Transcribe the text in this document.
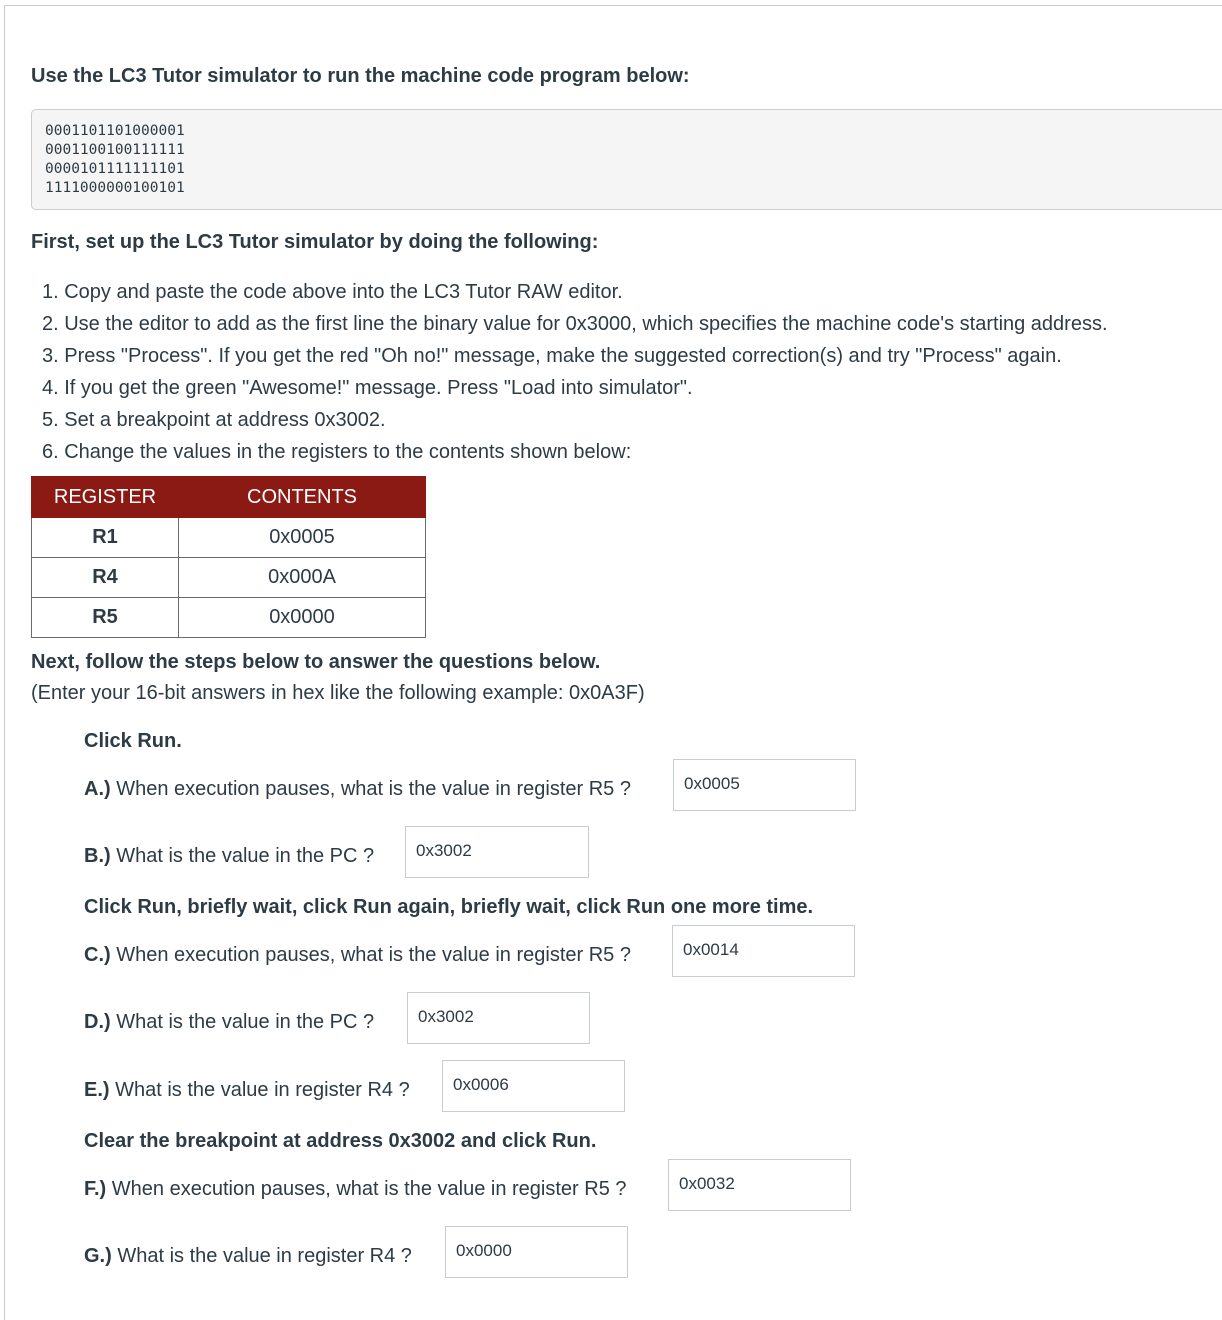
Use the LC3 Tutor simulator to run the machine code program below:
0001101101000001
0001100100111111
0000101111111101
1111000000100101
First, set up the LC3 Tutor simulator by doing the following:
1. Copy and paste the code above into the LC3 Tutor RAW editor.
2. Use the editor to add as the first line the binary value for 0x3000, which specifies the machine code's starting address.
3. Press "Process". If you get the red "Oh no!" message, make the suggested correction(s) and try "Process" again.
4. If you get the green "Awesome!" message. Press "Load into simulator".
5. Set a breakpoint at address 0x3002.
6. Change the values in the registers to the contents shown below:
REGISTER	CONTENTS
R1	0x0005
R4	0x000A
R5	0x0000
Next, follow the steps below to answer the questions below.
(Enter your 16-bit answers in hex like the following example: 0x0A3F)
Click Run.
A.) When execution pauses, what is the value in register R5 ?	0x0005
B.) What is the value in the PC ?	0x3002
Click Run, briefly wait, click Run again, briefly wait, click Run one more time.
C.) When execution pauses, what is the value in register R5 ?	0x0014
D.) What is the value in the PC ?	0x3002
E.) What is the value in register R4 ?	0x0006
Clear the breakpoint at address 0x3002 and click Run.
F.) When execution pauses, what is the value in register R5 ?	0x0032
G.) What is the value in register R4 ?	0x0000
